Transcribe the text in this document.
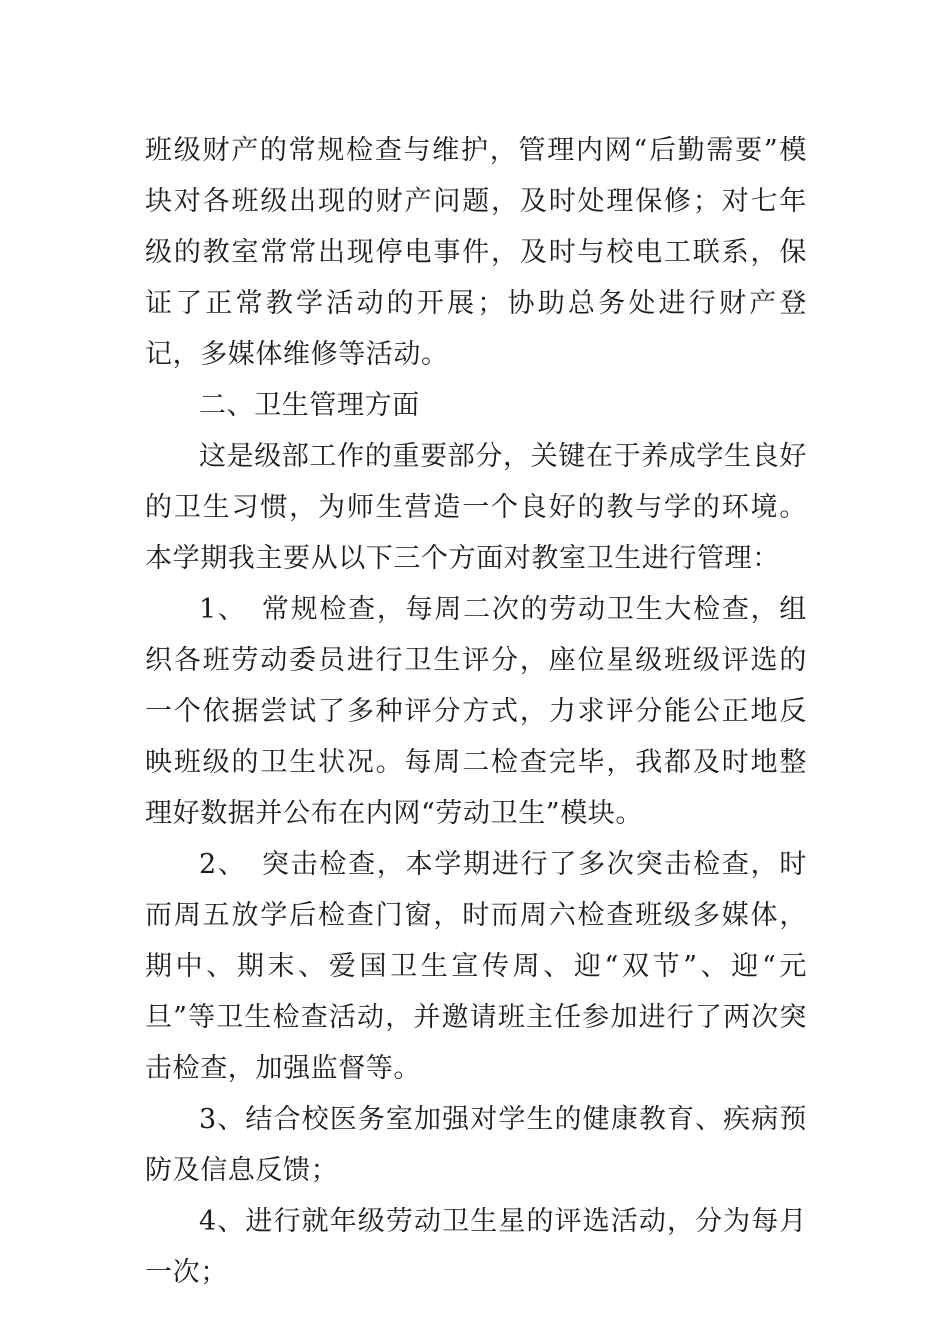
班级财产的常规检查与维护，管理内网“后勤需要”模块对各班级出现的财产问题，及时处理保修；对七年级的教室常常出现停电事件，及时与校电工联系，保证了正常教学活动的开展；协助总务处进行财产登记，多媒体维修等活动。

二、卫生管理方面

这是级部工作的重要部分，关键在于养成学生良好的卫生习惯，为师生营造一个良好的教与学的环境。本学期我主要从以下三个方面对教室卫生进行管理：

1、　常规检查，每周二次的劳动卫生大检查，组织各班劳动委员进行卫生评分，座位星级班级评选的一个依据尝试了多种评分方式，力求评分能公正地反映班级的卫生状况。每周二检查完毕，我都及时地整理好数据并公布在内网“劳动卫生”模块。

2、　突击检查，本学期进行了多次突击检查，时而周五放学后检查门窗，时而周六检查班级多媒体，期中、期末、爱国卫生宣传周、迎“双节”、迎“元旦”等卫生检查活动，并邀请班主任参加进行了两次突击检查，加强监督等。

3、结合校医务室加强对学生的健康教育、疾病预防及信息反馈；

4、进行就年级劳动卫生星的评选活动，分为每月一次；
